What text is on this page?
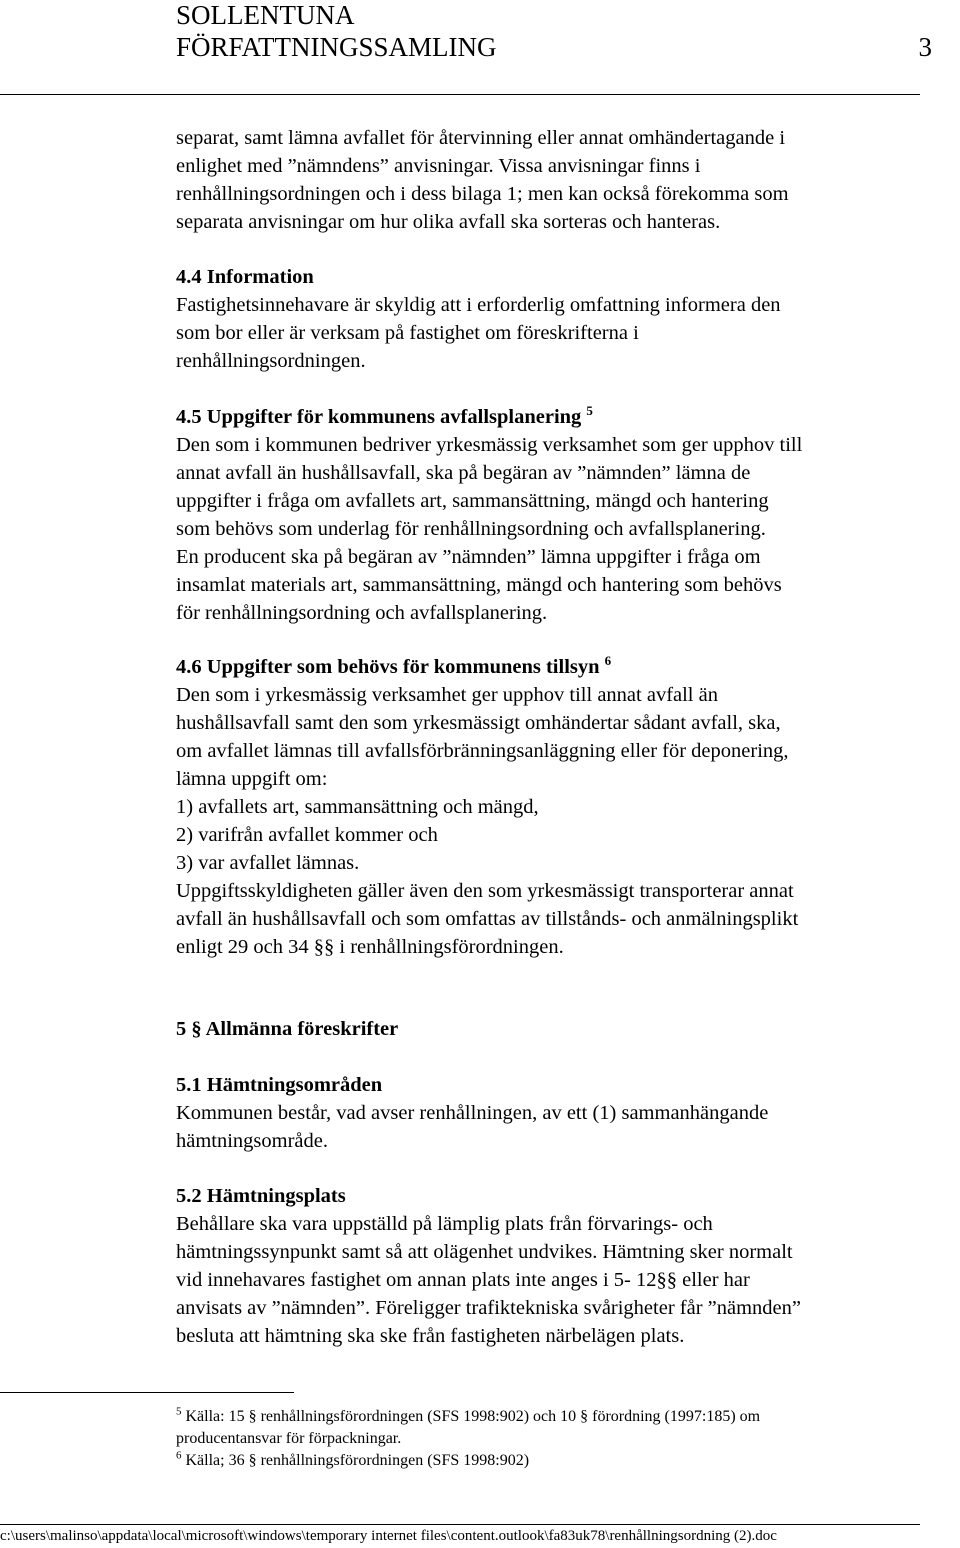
SOLLENTUNA
FÖRFATTNINGSSAMLING	3
separat, samt lämna avfallet för återvinning eller annat omhändertagande i
enlighet med ”nämndens” anvisningar. Vissa anvisningar finns i
renhållningsordningen och i dess bilaga 1; men kan också förekomma som
separata anvisningar om hur olika avfall ska sorteras och hanteras.
4.4 Information
Fastighetsinnehavare är skyldig att i erforderlig omfattning informera den
som bor eller är verksam på fastighet om föreskrifterna i
renhållningsordningen.
4.5 Uppgifter för kommunens avfallsplanering $^5$
Den som i kommunen bedriver yrkesmässig verksamhet som ger upphov till
annat avfall än hushållsavfall, ska på begäran av ”nämnden” lämna de
uppgifter i fråga om avfallets art, sammansättning, mängd och hantering
som behövs som underlag för renhållningsordning och avfallsplanering.
En producent ska på begäran av ”nämnden” lämna uppgifter i fråga om
insamlat materials art, sammansättning, mängd och hantering som behövs
för renhållningsordning och avfallsplanering.
4.6 Uppgifter som behövs för kommunens tillsyn $^6$
Den som i yrkesmässig verksamhet ger upphov till annat avfall än
hushållsavfall samt den som yrkesmässigt omhändertar sådant avfall, ska,
om avfallet lämnas till avfallsförbränningsanläggning eller för deponering,
lämna uppgift om:
1) avfallets art, sammansättning och mängd,
2) varifrån avfallet kommer och
3) var avfallet lämnas.
Uppgiftsskyldigheten gäller även den som yrkesmässigt transporterar annat
avfall än hushållsavfall och som omfattas av tillstånds- och anmälningsplikt
enligt 29 och 34 §§ i renhållningsförordningen.
5 § Allmänna föreskrifter
5.1 Hämtningsområden
Kommunen består, vad avser renhållningen, av ett (1) sammanhängande
hämtningsområde.
5.2 Hämtningsplats
Behållare ska vara uppställd på lämplig plats från förvarings- och
hämtningssynpunkt samt så att olägenhet undvikes. Hämtning sker normalt
vid innehavares fastighet om annan plats inte anges i 5- 12§§ eller har
anvisats av ”nämnden”. Föreligger trafiktekniska svårigheter får ”nämnden”
besluta att hämtning ska ske från fastigheten närbelägen plats.
$^5$ Källa: 15 § renhållningsförordningen (SFS 1998:902) och 10 § förordning (1997:185) om
producentansvar för förpackningar.
$^6$ Källa; 36 § renhållningsförordningen (SFS 1998:902)
c:\users\malinso\appdata\local\microsoft\windows\temporary internet files\content.outlook\fa83uk78\renhållningsordning (2).doc
